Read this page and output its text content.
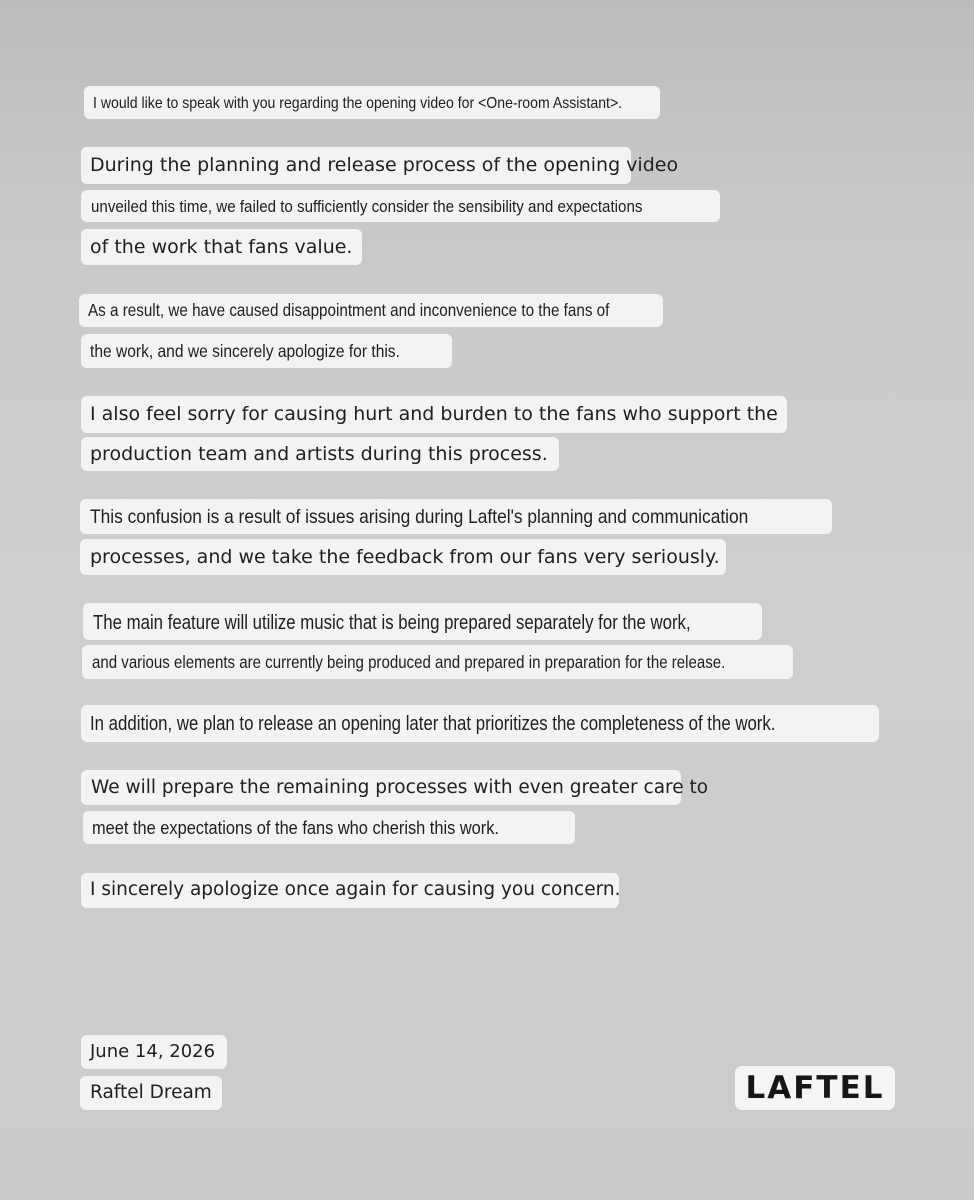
I would like to speak with you regarding the opening video for <One-room Assistant>.
During the planning and release process of the opening video
unveiled this time, we failed to sufficiently consider the sensibility and expectations
of the work that fans value.
As a result, we have caused disappointment and inconvenience to the fans of
the work, and we sincerely apologize for this.
I also feel sorry for causing hurt and burden to the fans who support the
production team and artists during this process.
This confusion is a result of issues arising during Laftel's planning and communication
processes, and we take the feedback from our fans very seriously.
The main feature will utilize music that is being prepared separately for the work,
and various elements are currently being produced and prepared in preparation for the release.
In addition, we plan to release an opening later that prioritizes the completeness of the work.
We will prepare the remaining processes with even greater care to
meet the expectations of the fans who cherish this work.
I sincerely apologize once again for causing you concern.
June 14, 2026
Raftel Dream	LAFTEL
